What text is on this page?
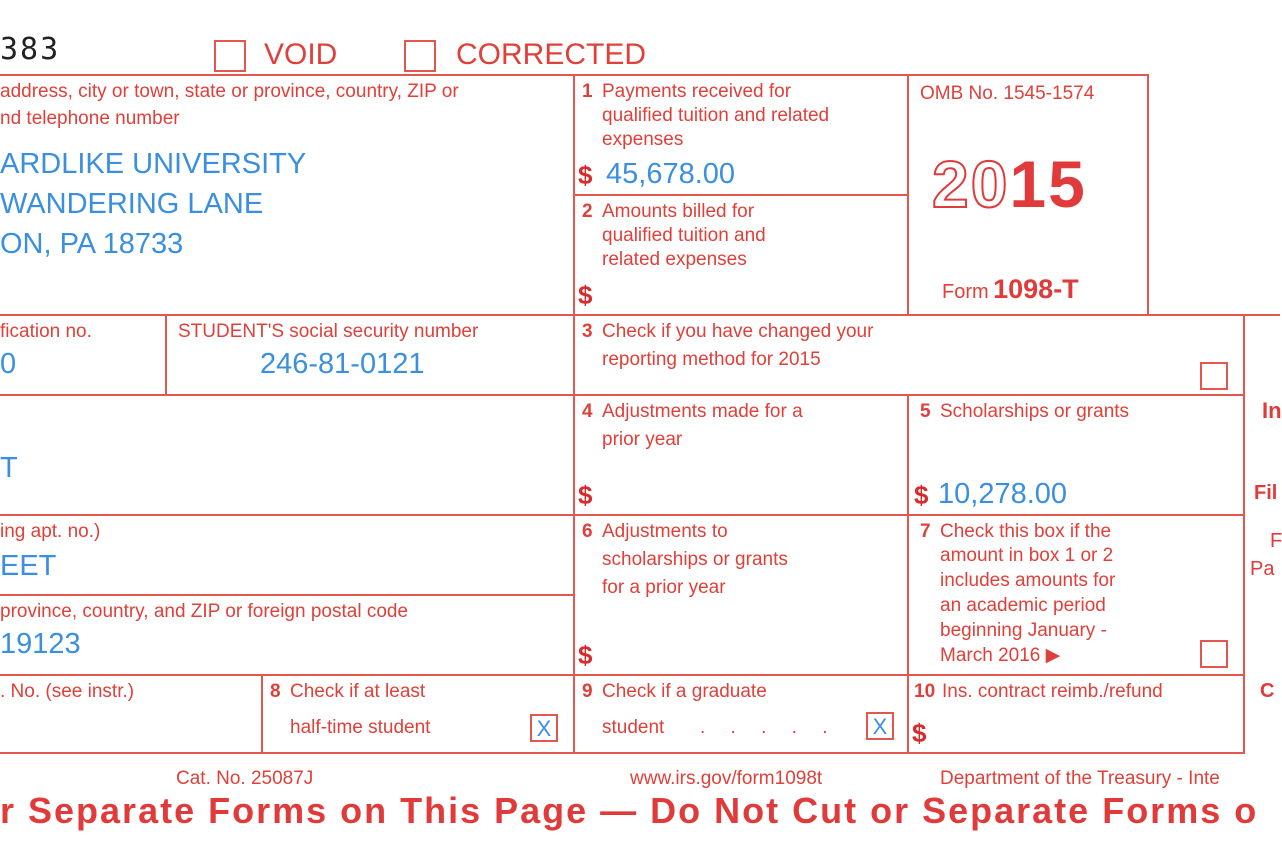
383	VOID	CORRECTED
address, city or town, state or province, country, ZIP or
nd telephone number
ARDLIKE UNIVERSITY
WANDERING LANE
ON, PA 18733
1 Payments received for
qualified tuition and related
expenses
$ 45,678.00
2 Amounts billed for
qualified tuition and
related expenses
$
OMB No. 1545-1574
2015
Form 1098-T
fication no.
0
STUDENT'S social security number
246-81-0121
3 Check if you have changed your
reporting method for 2015
T
4 Adjustments made for a
prior year
$
5 Scholarships or grants
$ 10,278.00
ing apt. no.)
EET
province, country, and ZIP or foreign postal code
19123
6 Adjustments to
scholarships or grants
for a prior year
$
7 Check this box if the
amount in box 1 or 2
includes amounts for
an academic period
beginning January -
March 2016 ▶
. No. (see instr.)	8 Check if at least
half-time student	X
9 Check if a graduate
student . . . . .	X
10 Ins. contract reimb./refund
$
In
Fil
F
Pa
C
Cat. No. 25087J	www.irs.gov/form1098t	Department of the Treasury - Inte
r Separate Forms on This Page — Do Not Cut or Separate Forms o
